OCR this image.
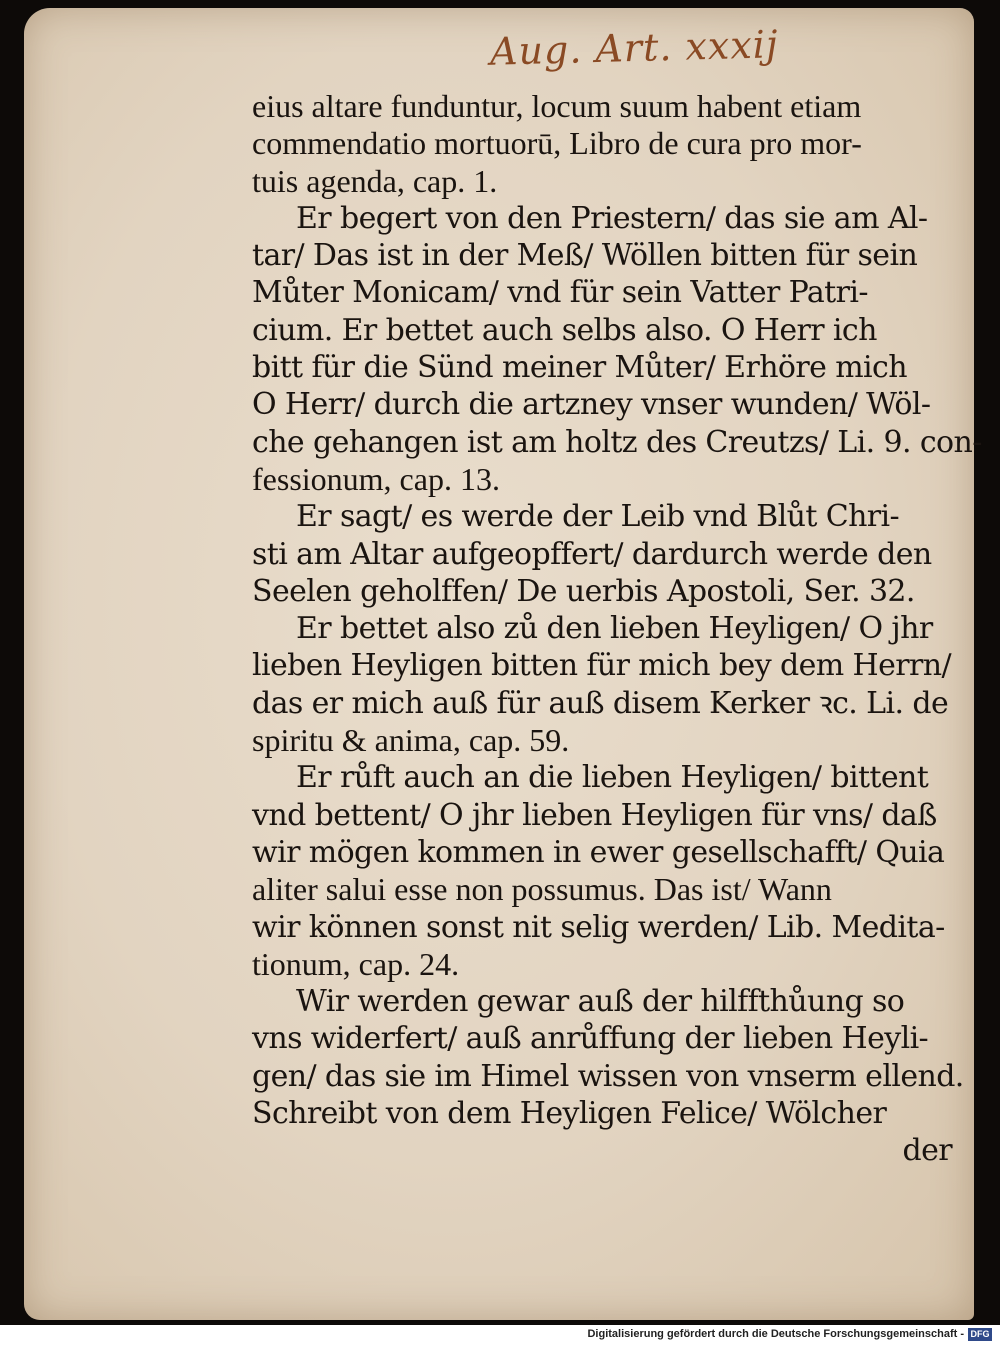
Aug. Art. xxxij
eius altare funduntur, locum suum habent etiam
commendatio mortuorū, Libro de cura pro mor-
tuis agenda, cap. 1.
Er begert von den Priestern/ das sie am Al-
tar/ Das ist in der Meß/ Wöllen bitten für sein
Můter Monicam/ vnd für sein Vatter Patri-
cium. Er bettet auch selbs also. O Herr ich
bitt für die Sünd meiner Můter/ Erhöre mich
O Herr/ durch die artzney vnser wunden/ Wöl-
che gehangen ist am holtz des Creutzs/ Li. 9. con-
fessionum, cap. 13.
Er sagt/ es werde der Leib vnd Blůt Chri-
sti am Altar aufgeopffert/ dardurch werde den
Seelen geholffen/ De uerbis Apostoli, Ser. 32.
Er bettet also zů den lieben Heyligen/ O jhr
lieben Heyligen bitten für mich bey dem Herrn/
das er mich auß für auß disem Kerker ꝛc. Li. de
spiritu & anima, cap. 59.
Er růft auch an die lieben Heyligen/ bittent
vnd bettent/ O jhr lieben Heyligen für vns/ daß
wir mögen kommen in ewer gesellschafft/ Quia
aliter salui esse non possumus. Das ist/ Wann
wir können sonst nit selig werden/ Lib. Medita-
tionum, cap. 24.
Wir werden gewar auß der hilffthůung so
vns widerfert/ auß anrůffung der lieben Heyli-
gen/ das sie im Himel wissen von vnserm ellend.
Schreibt von dem Heyligen Felice/ Wölcher
der
Digitalisierung gefördert durch die Deutsche Forschungsgemeinschaft - DFG
